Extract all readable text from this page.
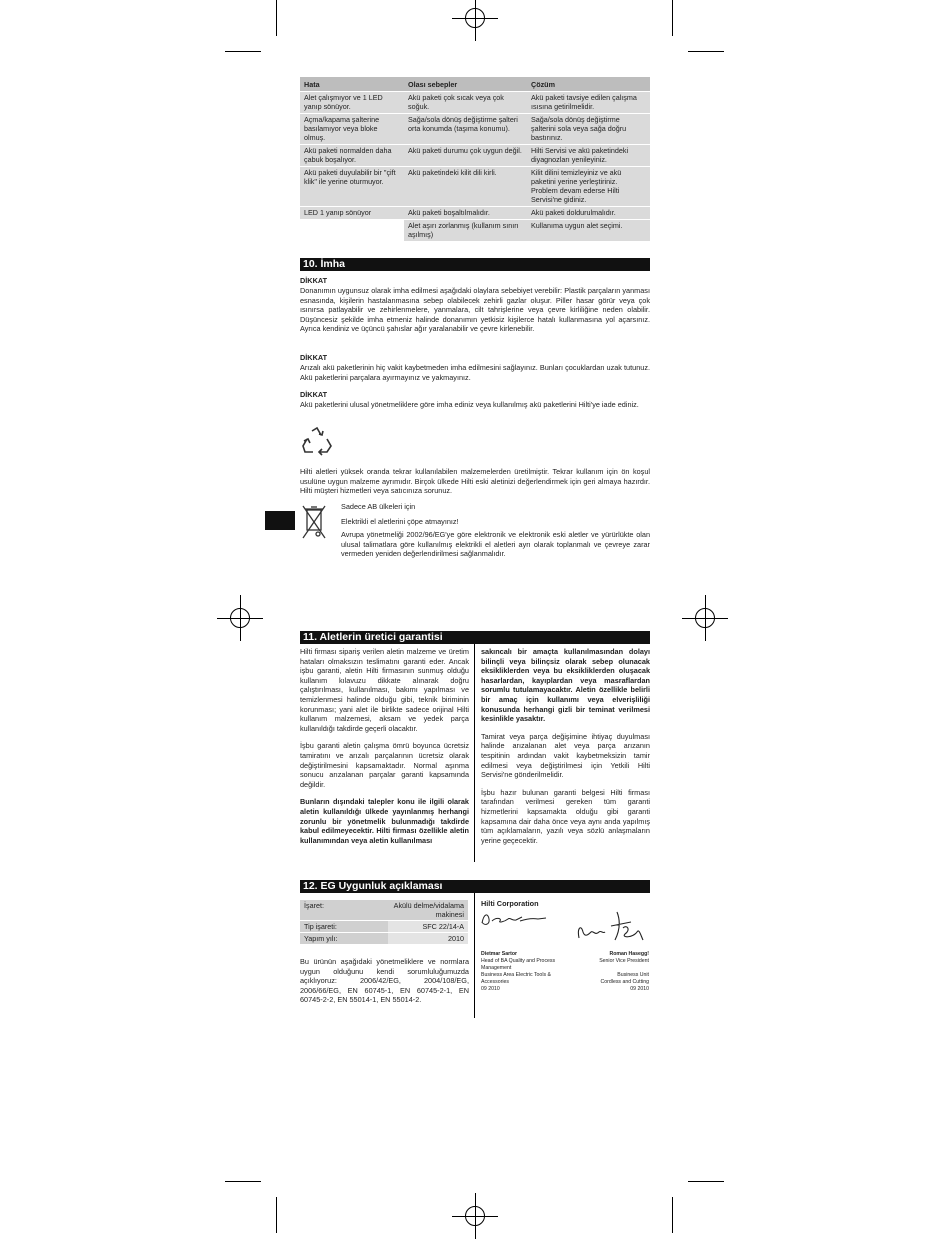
Hata	Olası sebepler	Çözüm
Alet çalışmıyor ve 1 LED yanıp sönüyor.	Akü paketi çok sıcak veya çok soğuk.	Akü paketi tavsiye edilen çalışma ısısına getirilmelidir.
Açma/kapama şalterine basılamıyor veya bloke olmuş.	Sağa/sola dönüş değiştirme şalteri orta konumda (taşıma konumu).	Sağa/sola dönüş değiştirme şalterini sola veya sağa doğru bastırınız.
Akü paketi normalden daha çabuk boşalıyor.	Akü paketi durumu çok uygun değil.	Hilti Servisi ve akü paketindeki diyagnozları yenileyiniz.
Akü paketi duyulabilir bir "çift klik" ile yerine oturmuyor.	Akü paketindeki kilit dili kirli.	Kilit dilini temizleyiniz ve akü paketini yerine yerleştiriniz. Problem devam ederse Hilti Servisi'ne gidiniz.
LED 1 yanıp sönüyor	Akü paketi boşaltılmalıdır.	Akü paketi doldurulmalıdır.
	Alet aşırı zorlanmış (kullanım sınırı aşılmış)	Kullanıma uygun alet seçimi.
10. İmha
DİKKAT
Donanımın uygunsuz olarak imha edilmesi aşağıdaki olaylara sebebiyet verebilir: Plastik parçaların yanması esnasında, kişilerin hastalanmasına sebep olabilecek zehirli gazlar oluşur. Piller hasar görür veya çok ısınırsa patlayabilir ve zehirlenmelere, yanmalara, cilt tahrişlerine veya çevre kirliliğine neden olabilir. Düşüncesiz şekilde imha etmeniz halinde donanımın yetkisiz kişilerce hatalı kullanmasına yol açarsınız. Ayrıca kendiniz ve üçüncü şahıslar ağır yaralanabilir ve çevre kirlenebilir.
DİKKAT
Arızalı akü paketlerinin hiç vakit kaybetmeden imha edilmesini sağlayınız. Bunları çocuklardan uzak tutunuz. Akü paketlerini parçalara ayırmayınız ve yakmayınız.
DİKKAT
Akü paketlerini ulusal yönetmeliklere göre imha ediniz veya kullanılmış akü paketlerini Hilti'ye iade ediniz.
Hilti aletleri yüksek oranda tekrar kullanılabilen malzemelerden üretilmiştir. Tekrar kullanım için ön koşul usulüne uygun malzeme ayrımıdır. Birçok ülkede Hilti eski aletinizi değerlendirmek için geri almaya hazırdır. Hilti müşteri hizmetleri veya satıcınıza sorunuz.
Sadece AB ülkeleri için
Elektrikli el aletlerini çöpe atmayınız!
Avrupa yönetmeliği 2002/96/EG'ye göre elektronik ve elektronik eski aletler ve yürürlükte olan ulusal talimatlara göre kullanılmış elektrikli el aletleri ayrı olarak toplanmalı ve çevreye zarar vermeden yeniden değerlendirilmesi sağlanmalıdır.
11. Aletlerin üretici garantisi

Hilti firması sipariş verilen aletin malzeme ve üretim hataları olmaksızın teslimatını garanti eder. Ancak işbu garanti, aletin Hilti firmasının sunmuş olduğu kullanım kılavuzu dikkate alınarak doğru çalıştırılması, kullanılması, bakımı yapılması ve temizlenmesi halinde olduğu gibi, teknik biriminin korunması; yani alet ile birlikte sadece orijinal Hilti kullanım malzemesi, aksam ve yedek parça kullanıldığı takdirde geçerli olacaktır.

İşbu garanti aletin çalışma ömrü boyunca ücretsiz tamiratını ve arızalı parçalarının ücretsiz olarak değiştirilmesini kapsamaktadır. Normal aşınma sonucu arızalanan parçalar garanti kapsamında değildir.

Bunların dışındaki talepler konu ile ilgili olarak aletin kullanıldığı ülkede yayınlanmış herhangi zorunlu bir yönetmelik bulunmadığı takdirde kabul edilmeyecektir. Hilti firması özellikle aletin kullanımından veya aletin kullanılması

sakıncalı bir amaçta kullanılmasından dolayı bilinçli veya bilinçsiz olarak sebep olunacak eksikliklerden veya bu eksikliklerden oluşacak hasarlardan, kayıplardan veya masraflardan sorumlu tutulamayacaktır. Aletin özellikle belirli bir amaç için kullanımı veya elverişliliği konusunda herhangi gizli bir teminat verilmesi kesinlikle yasaktır.

Tamirat veya parça değişimine ihtiyaç duyulması halinde arızalanan alet veya parça arızanın tespitinin ardından vakit kaybetmeksizin tamir edilmesi veya değiştirilmesi için Yetkili Hilti Servisi'ne gönderilmelidir.

İşbu hazır bulunan garanti belgesi Hilti firması tarafından verilmesi gereken tüm garanti hizmetlerini kapsamakta olduğu gibi garanti kapsamına dair daha önce veya aynı anda yapılmış tüm açıklamaların, yazılı veya sözlü anlaşmaların yerine geçecektir.

12. EG Uygunluk açıklaması
İşaret:	Akülü delme/vidalama makinesi
Tip işareti:	SFC 22/14-A
Yapım yılı:	2010
Bu ürünün aşağıdaki yönetmeliklere ve normlara uygun olduğunu kendi sorumluluğumuzda açıklıyoruz: 2006/42/EG, 2004/108/EG, 2006/66/EG, EN 60745-1, EN 60745-2-1, EN 60745-2-2, EN 55014-1, EN 55014-2.
Hilti Corporation
Dietmar Sartor
Head of BA Quality and Process Management
Business Area Electric Tools & Accessories
09 2010
Roman Hasegg!
Senior Vice President
Business Unit
Cordless and Cutting
09 2010
